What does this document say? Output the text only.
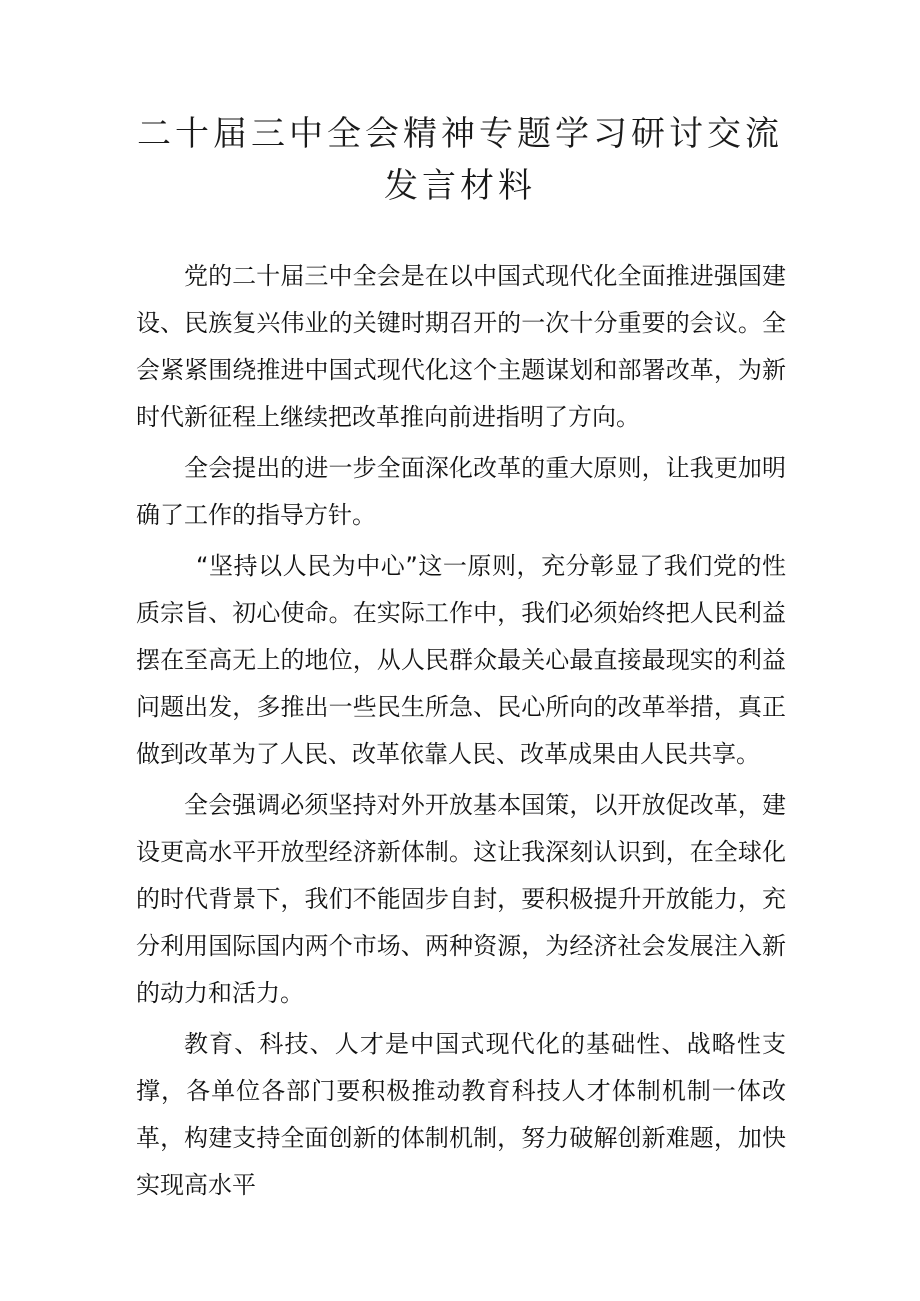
二十届三中全会精神专题学习研讨交流发言材料

党的二十届三中全会是在以中国式现代化全面推进强国建设、民族复兴伟业的关键时期召开的一次十分重要的会议。全会紧紧围绕推进中国式现代化这个主题谋划和部署改革，为新时代新征程上继续把改革推向前进指明了方向。

全会提出的进一步全面深化改革的重大原则，让我更加明确了工作的指导方针。

“坚持以人民为中心”这一原则，充分彰显了我们党的性质宗旨、初心使命。在实际工作中，我们必须始终把人民利益摆在至高无上的地位，从人民群众最关心最直接最现实的利益问题出发，多推出一些民生所急、民心所向的改革举措，真正做到改革为了人民、改革依靠人民、改革成果由人民共享。

全会强调必须坚持对外开放基本国策，以开放促改革，建设更高水平开放型经济新体制。这让我深刻认识到，在全球化的时代背景下，我们不能固步自封，要积极提升开放能力，充分利用国际国内两个市场、两种资源，为经济社会发展注入新的动力和活力。

教育、科技、人才是中国式现代化的基础性、战略性支撑，各单位各部门要积极推动教育科技人才体制机制一体改革，构建支持全面创新的体制机制，努力破解创新难题，加快实现高水平
